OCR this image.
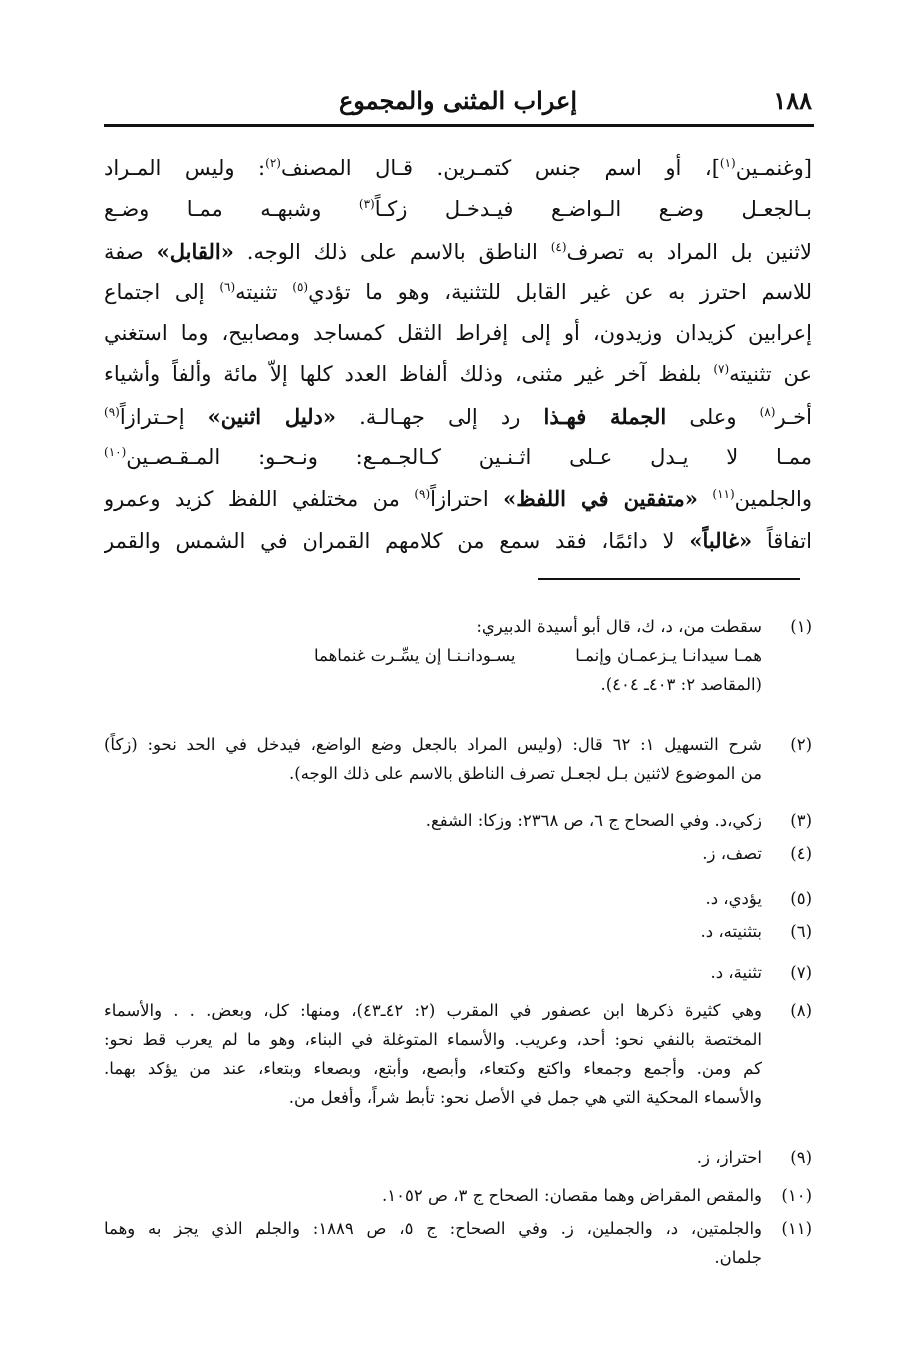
١٨٨
إعراب المثنى والمجموع
[وغنمـين$^{(١)}$]، أو اسم جنس كتمـرين. قـال المصنف$^{(٢)}$: وليس المـراد
بـالجعـل وضـع الـواضـع فيـدخـل زكـاً$^{(٣)}$ وشبهـه ممـا وضـع
لاثنين بل المراد به تصرف$^{(٤)}$ الناطق بالاسم على ذلك الوجه. «القابل» صفة
للاسم احترز به عن غير القابل للتثنية، وهو ما تؤدي$^{(٥)}$ تثنيته$^{(٦)}$ إلى اجتماع
إعرابين كزيدان وزيدون، أو إلى إفراط الثقل كمساجد ومصابيح، وما استغني
عن تثنيته$^{(٧)}$ بلفظ آخر غير مثنى، وذلك ألفاظ العدد كلها إلاّ مائة وألفاً وأشياء
أخـر$^{(٨)}$ وعلى الجملة فهـذا رد إلى جهـالـة. «دليل اثنين» إحـترازاً$^{(٩)}$
ممـا لا يـدل عـلى اثـنـين كـالجـمـع: ونـحـو: المـقـصـين$^{(١٠)}$
والجلمين$^{(١١)}$ «متفقين في اللفظ» احترازاً$^{(٩)}$ من مختلفي اللفظ كزيد وعمرو
اتفاقاً «غالباً» لا دائمًا، فقد سمع من كلامهم القمران في الشمس والقمر
(١)
سقطت من، د، ك، قال أبو أسيدة الدبيري:
همـا سيدانـا يـزعمـان وإنمـا
يسـودانـنـا إن يسِّـرت غنماهما
(المقاصد ٢: ٤٠٣ـ ٤٠٤).
(٢)
شرح التسهيل ١: ٦٢ قال: (وليس المراد بالجعل وضع الواضع، فيدخل في الحد نحو: (زكاً)
من الموضوع لاثنين بـل لجعـل تصرف الناطق بالاسم على ذلك الوجه).
(٣)
زكي،د. وفي الصحاح ج ٦، ص ٢٣٦٨: وزكا: الشفع.
(٤)
تصف، ز.
(٥)
يؤدي، د.
(٦)
بتثنيته، د.
(٧)
تثنية، د.
(٨)
وهي كثيرة ذكرها ابن عصفور في المقرب (٢: ٤٢ـ٤٣)، ومنها: كل، وبعض. . . والأسماء
المختصة بالنفي نحو: أحد، وعريب. والأسماء المتوغلة في البناء، وهو ما لم يعرب قط نحو:
كم ومن. وأجمع وجمعاء واكتع وكتعاء، وأبصع، وأبتع، وبصعاء وبتعاء، عند من يؤكد بهما.
والأسماء المحكية التي هي جمل في الأصل نحو: تأبط شراً، وأفعل من.
(٩)
احتراز، ز.
(١٠)
والمقص المقراض وهما مقصان: الصحاح ج ٣، ص ١٠٥٢.
(١١)
والجلمتين، د، والجملين، ز. وفي الصحاح: ج ٥، ص ١٨٨٩: والجلم الذي يجز به وهما
جلمان.
